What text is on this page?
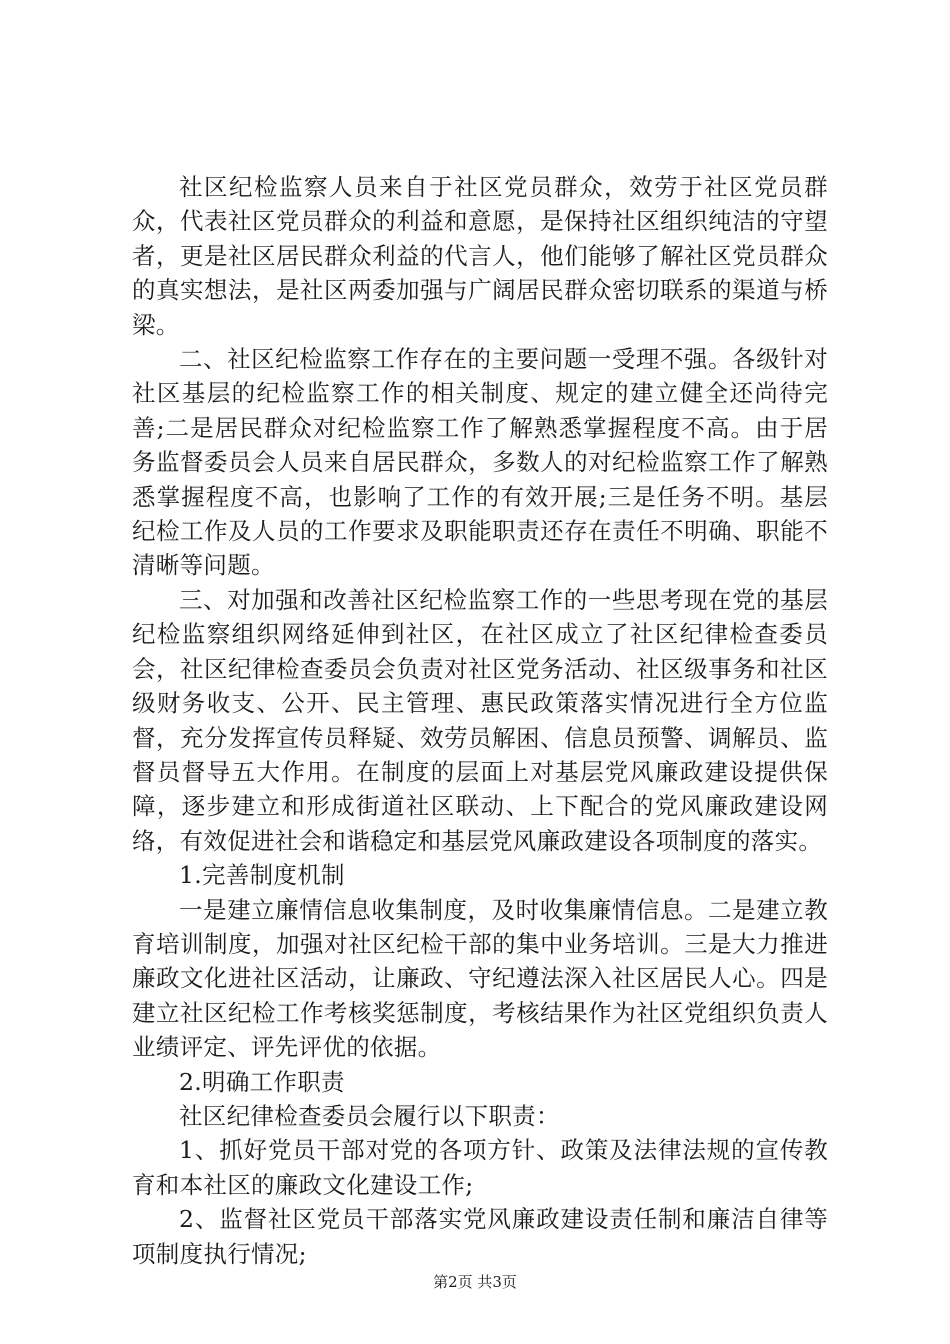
社区纪检监察人员来自于社区党员群众，效劳于社区党员群众，代表社区党员群众的利益和意愿，是保持社区组织纯洁的守望者，更是社区居民群众利益的代言人，他们能够了解社区党员群众的真实想法，是社区两委加强与广阔居民群众密切联系的渠道与桥梁。

二、社区纪检监察工作存在的主要问题一受理不强。各级针对社区基层的纪检监察工作的相关制度、规定的建立健全还尚待完善;二是居民群众对纪检监察工作了解熟悉掌握程度不高。由于居务监督委员会人员来自居民群众，多数人的对纪检监察工作了解熟悉掌握程度不高，也影响了工作的有效开展;三是任务不明。基层纪检工作及人员的工作要求及职能职责还存在责任不明确、职能不清晰等问题。

三、对加强和改善社区纪检监察工作的一些思考现在党的基层纪检监察组织网络延伸到社区，在社区成立了社区纪律检查委员会，社区纪律检查委员会负责对社区党务活动、社区级事务和社区级财务收支、公开、民主管理、惠民政策落实情况进行全方位监督，充分发挥宣传员释疑、效劳员解困、信息员预警、调解员、监督员督导五大作用。在制度的层面上对基层党风廉政建设提供保障，逐步建立和形成街道社区联动、上下配合的党风廉政建设网络，有效促进社会和谐稳定和基层党风廉政建设各项制度的落实。

1.完善制度机制

一是建立廉情信息收集制度，及时收集廉情信息。二是建立教育培训制度，加强对社区纪检干部的集中业务培训。三是大力推进廉政文化进社区活动，让廉政、守纪遵法深入社区居民人心。四是建立社区纪检工作考核奖惩制度，考核结果作为社区党组织负责人业绩评定、评先评优的依据。

2.明确工作职责

社区纪律检查委员会履行以下职责：

1、抓好党员干部对党的各项方针、政策及法律法规的宣传教育和本社区的廉政文化建设工作;

2、监督社区党员干部落实党风廉政建设责任制和廉洁自律等项制度执行情况;

第2页 共3页
